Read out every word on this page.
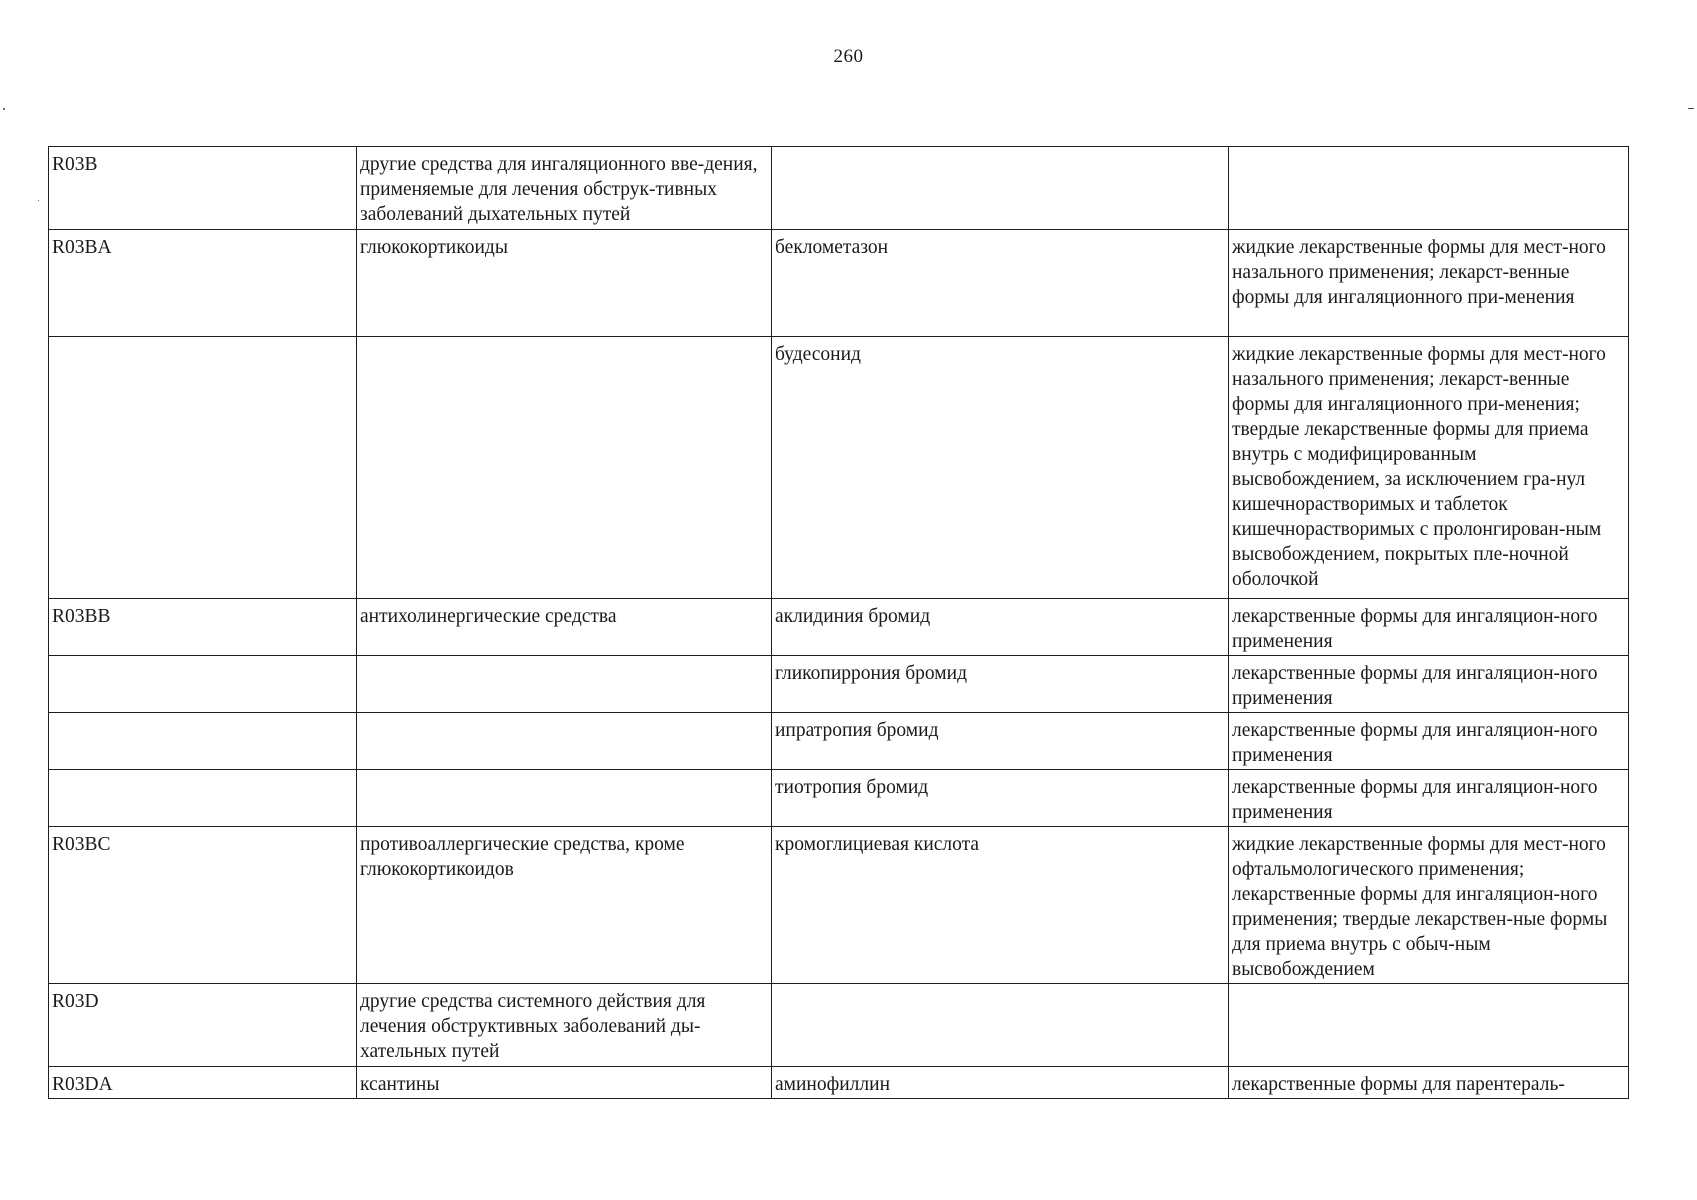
260
R03B	другие средства для ингаляционного вве-дения, применяемые для лечения обструк-тивных заболеваний дыхательных путей		
R03BA	глюкокортикоиды	беклометазон	жидкие лекарственные формы для мест-ного назального применения; лекарст-венные формы для ингаляционного при-менения
		будесонид	жидкие лекарственные формы для мест-ного назального применения; лекарст-венные формы для ингаляционного при-менения; твердые лекарственные формы для приема внутрь с модифицированным высвобождением, за исключением гра-нул кишечнорастворимых и таблеток кишечнорастворимых с пролонгирован-ным высвобождением, покрытых пле-ночной оболочкой
R03BB	антихолинергические средства	аклидиния бромид	лекарственные формы для ингаляцион-ного применения
		гликопиррония бромид	лекарственные формы для ингаляцион-ного применения
		ипратропия бромид	лекарственные формы для ингаляцион-ного применения
		тиотропия бромид	лекарственные формы для ингаляцион-ного применения
R03BC	противоаллергические средства, кроме глюкокортикоидов	кромоглициевая кислота	жидкие лекарственные формы для мест-ного офтальмологического применения; лекарственные формы для ингаляцион-ного применения; твердые лекарствен-ные формы для приема внутрь с обыч-ным высвобождением
R03D	другие средства системного действия для лечения обструктивных заболеваний ды-хательных путей		
R03DA	ксантины	аминофиллин	лекарственные формы для парентераль-
